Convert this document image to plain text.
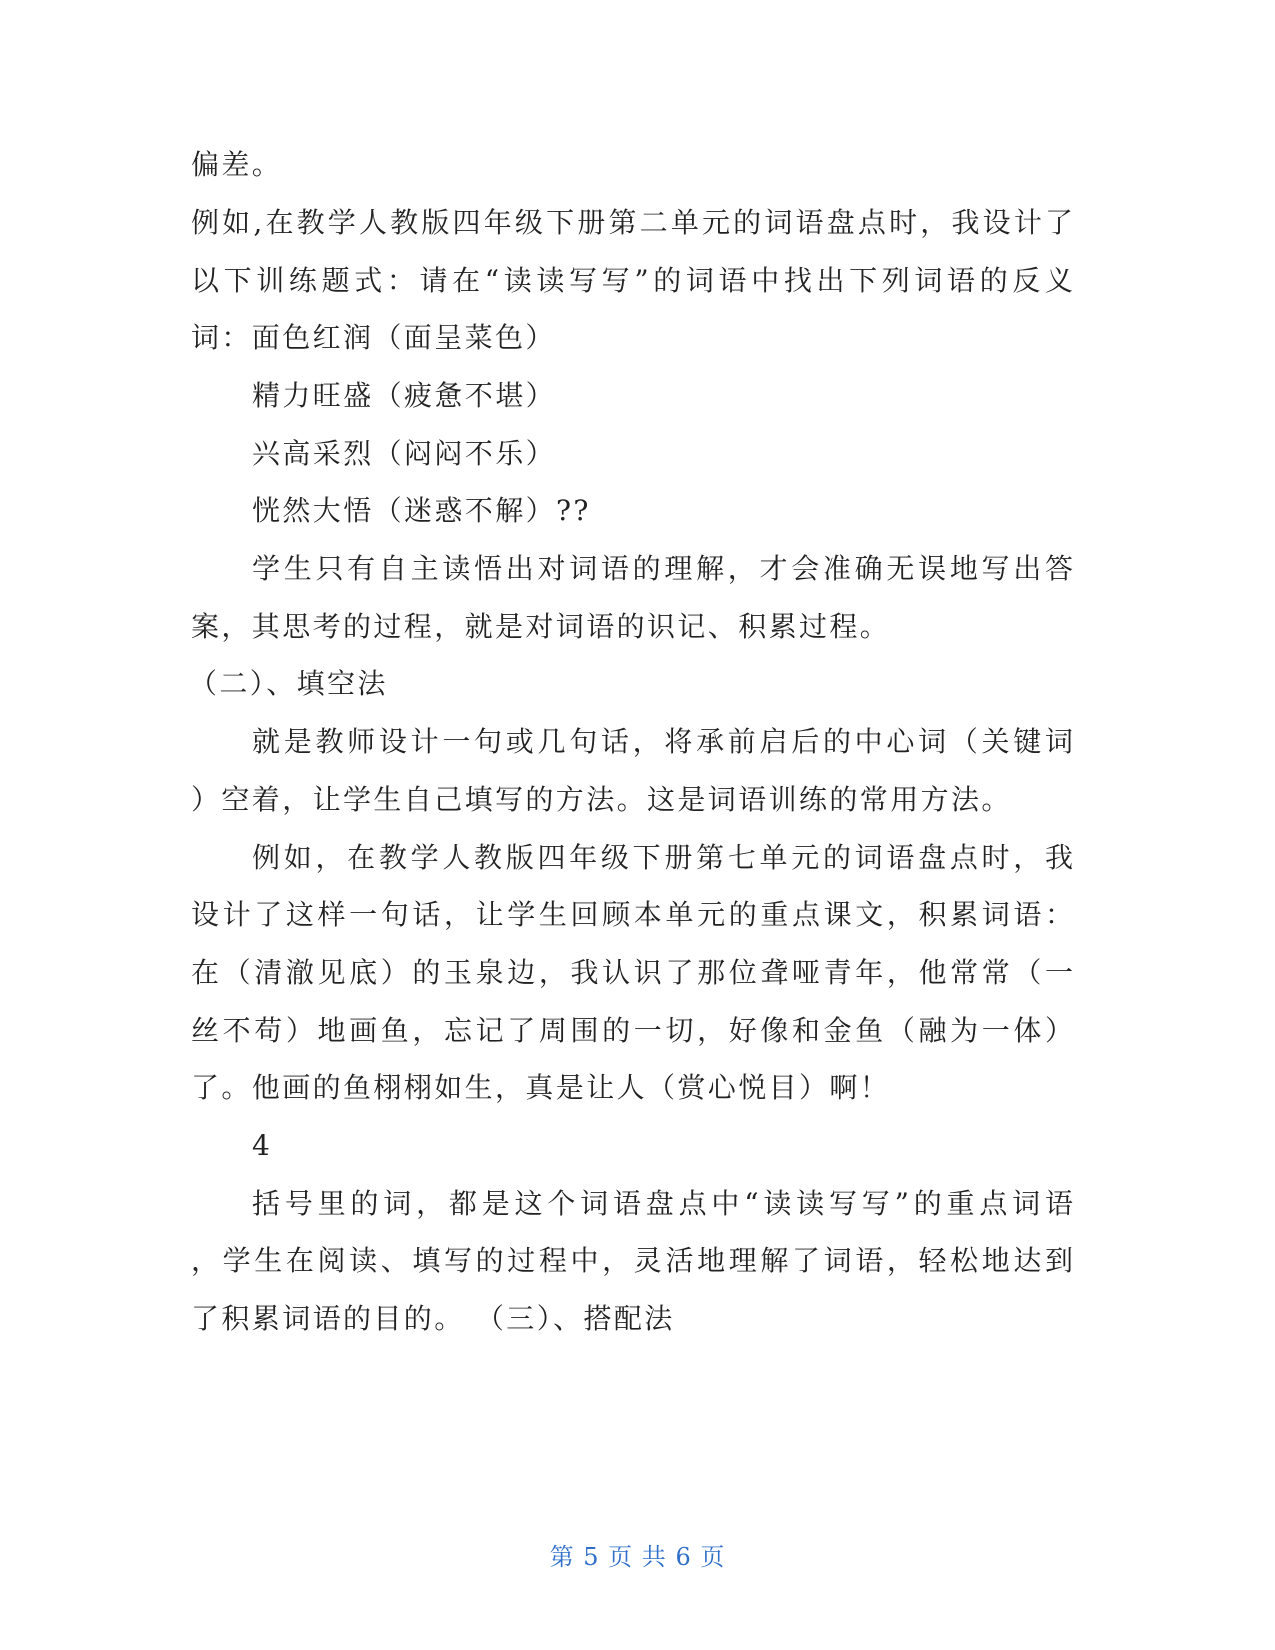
偏差。
例如,在教学人教版四年级下册第二单元的词语盘点时，我设计了
以下训练题式：请在“读读写写”的词语中找出下列词语的反义
词：面色红润（面呈菜色）
精力旺盛（疲惫不堪）
兴高采烈（闷闷不乐）
恍然大悟（迷惑不解）??
学生只有自主读悟出对词语的理解，才会准确无误地写出答
案，其思考的过程，就是对词语的识记、积累过程。
（二）、填空法
就是教师设计一句或几句话，将承前启后的中心词（关键词
）空着，让学生自己填写的方法。这是词语训练的常用方法。
例如，在教学人教版四年级下册第七单元的词语盘点时，我
设计了这样一句话，让学生回顾本单元的重点课文，积累词语：
在（清澈见底）的玉泉边，我认识了那位聋哑青年，他常常（一
丝不苟）地画鱼，忘记了周围的一切，好像和金鱼（融为一体）
了。他画的鱼栩栩如生，真是让人（赏心悦目）啊！
4
括号里的词，都是这个词语盘点中“读读写写”的重点词语
，学生在阅读、填写的过程中，灵活地理解了词语，轻松地达到
了积累词语的目的。 （三）、搭配法
第 5 页 共 6 页
